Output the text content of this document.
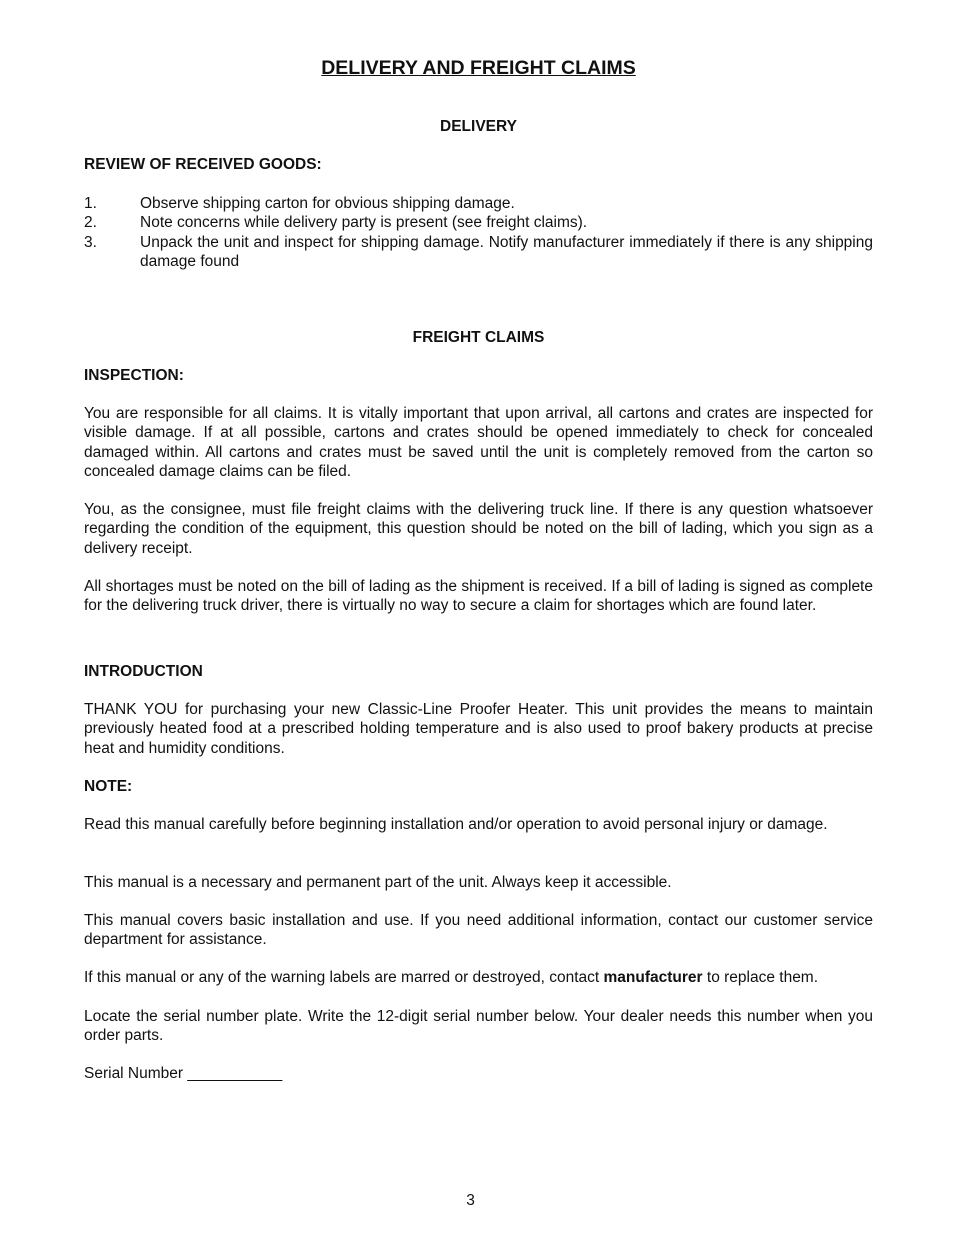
DELIVERY AND FREIGHT CLAIMS
DELIVERY
REVIEW OF RECEIVED GOODS:
1.	Observe shipping carton for obvious shipping damage.
2.	Note concerns while delivery party is present (see freight claims).
3.	Unpack the unit and inspect for shipping damage. Notify manufacturer immediately if there is any shipping damage found
FREIGHT CLAIMS
INSPECTION:
You are responsible for all claims. It is vitally important that upon arrival, all cartons and crates are inspected for visible damage. If at all possible, cartons and crates should be opened immediately to check for concealed damaged within. All cartons and crates must be saved until the unit is completely removed from the carton so concealed damage claims can be filed.
You, as the consignee, must file freight claims with the delivering truck line. If there is any question whatsoever regarding the condition of the equipment, this question should be noted on the bill of lading, which you sign as a delivery receipt.
All shortages must be noted on the bill of lading as the shipment is received. If a bill of lading is signed as complete for the delivering truck driver, there is virtually no way to secure a claim for shortages which are found later.
INTRODUCTION
THANK YOU for purchasing your new Classic-Line Proofer Heater. This unit provides the means to maintain previously heated food at a prescribed holding temperature and is also used to proof bakery products at precise heat and humidity conditions.
NOTE:
Read this manual carefully before beginning installation and/or operation to avoid personal injury or damage.
This manual is a necessary and permanent part of the unit. Always keep it accessible.
This manual covers basic installation and use. If you need additional information, contact our customer service department for assistance.
If this manual or any of the warning labels are marred or destroyed, contact manufacturer to replace them.
Locate the serial number plate. Write the 12-digit serial number below. Your dealer needs this number when you order parts.
Serial Number ___________
3
